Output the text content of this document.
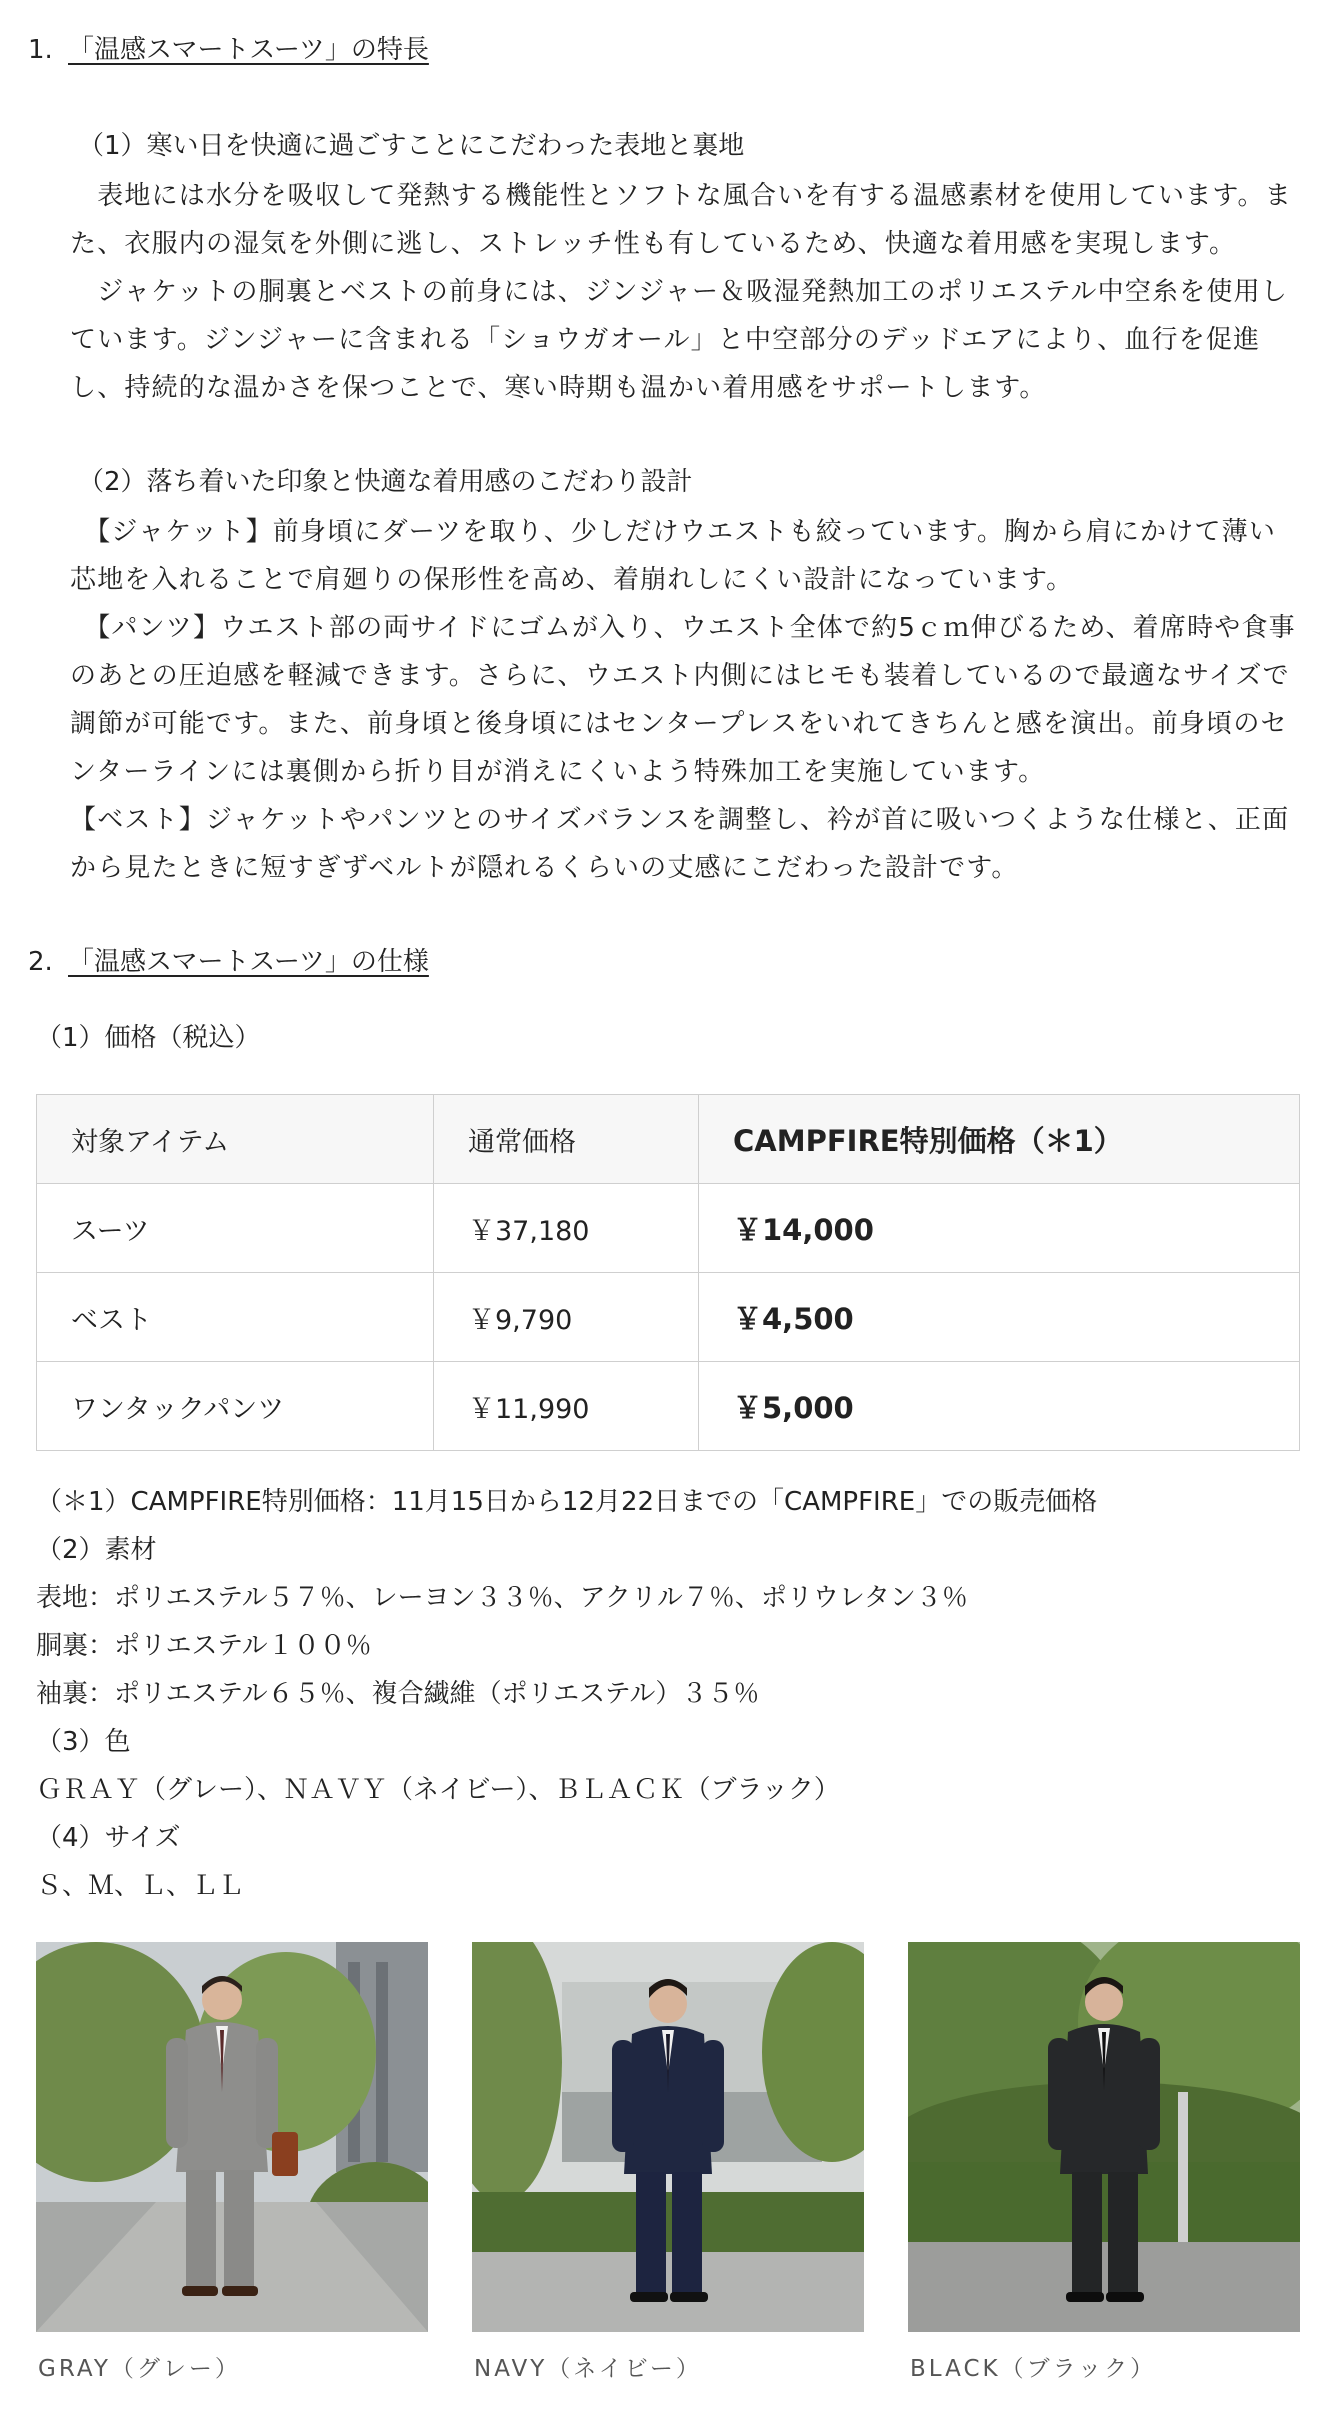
1. 「温感スマートスーツ」の特長
（1）寒い日を快適に過ごすことにこだわった表地と裏地

　表地には水分を吸収して発熱する機能性とソフトな風合いを有する温感素材を使用しています。また、衣服内の湿気を外側に逃し、ストレッチ性も有しているため、快適な着用感を実現します。

　ジャケットの胴裏とベストの前身には、ジンジャー＆吸湿発熱加工のポリエステル中空糸を使用しています。ジンジャーに含まれる「ショウガオール」と中空部分のデッドエアにより、血行を促進し、持続的な温かさを保つことで、寒い時期も温かい着用感をサポートします。

（2）落ち着いた印象と快適な着用感のこだわり設計

　【ジャケット】前身頃にダーツを取り、少しだけウエストも絞っています。胸から肩にかけて薄い芯地を入れることで肩廻りの保形性を高め、着崩れしにくい設計になっています。

　【パンツ】ウエスト部の両サイドにゴムが入り、ウエスト全体で約5ｃｍ伸びるため、着席時や食事のあとの圧迫感を軽減できます。さらに、ウエスト内側にはヒモも装着しているので最適なサイズで調節が可能です。また、前身頃と後身頃にはセンタープレスをいれてきちんと感を演出。前身頃のセンターラインには裏側から折り目が消えにくいよう特殊加工を実施しています。

【ベスト】ジャケットやパンツとのサイズバランスを調整し、衿が首に吸いつくような仕様と、正面から見たときに短すぎずベルトが隠れるくらいの丈感にこだわった設計です。

2. 「温感スマートスーツ」の仕様
（1）価格（税込）
対象アイテム	通常価格	CAMPFIRE特別価格（＊1）
スーツ	￥37,180	￥14,000
ベスト	￥9,790	￥4,500
ワンタックパンツ	￥11,990	￥5,000
（＊1）CAMPFIRE特別価格：11月15日から12月22日までの「CAMPFIRE」での販売価格
（2）素材
表地：ポリエステル５７％、レーヨン３３％、アクリル７％、ポリウレタン３％
胴裏：ポリエステル１００％
袖裏：ポリエステル６５％、複合繊維（ポリエステル）３５％
（3）色
ＧＲＡＹ（グレー）、ＮＡＶＹ（ネイビー）、ＢＬＡＣＫ（ブラック）
（4）サイズ
Ｓ、Ｍ、Ｌ、ＬＬ
GRAY（グレー）	NAVY（ネイビー）	BLACK（ブラック）
